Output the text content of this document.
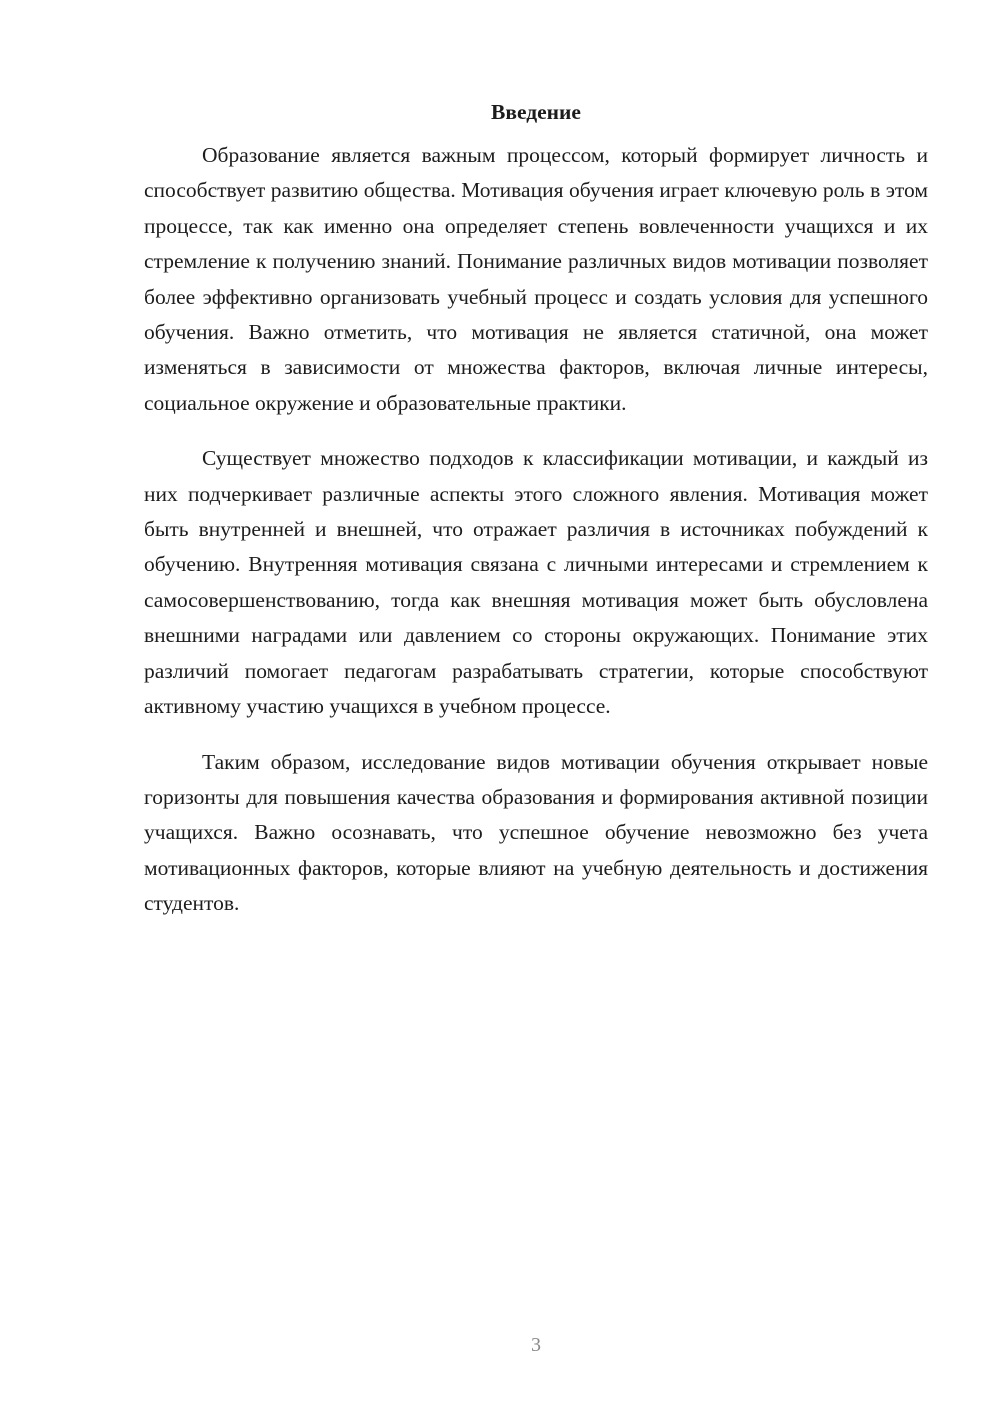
Введение

Образование является важным процессом, который формирует личность и способствует развитию общества. Мотивация обучения играет ключевую роль в этом процессе, так как именно она определяет степень вовлеченности учащихся и их стремление к получению знаний. Понимание различных видов мотивации позволяет более эффективно организовать учебный процесс и создать условия для успешного обучения. Важно отметить, что мотивация не является статичной, она может изменяться в зависимости от множества факторов, включая личные интересы, социальное окружение и образовательные практики.

Существует множество подходов к классификации мотивации, и каждый из них подчеркивает различные аспекты этого сложного явления. Мотивация может быть внутренней и внешней, что отражает различия в источниках побуждений к обучению. Внутренняя мотивация связана с личными интересами и стремлением к самосовершенствованию, тогда как внешняя мотивация может быть обусловлена внешними наградами или давлением со стороны окружающих. Понимание этих различий помогает педагогам разрабатывать стратегии, которые способствуют активному участию учащихся в учебном процессе.

Таким образом, исследование видов мотивации обучения открывает новые горизонты для повышения качества образования и формирования активной позиции учащихся. Важно осознавать, что успешное обучение невозможно без учета мотивационных факторов, которые влияют на учебную деятельность и достижения студентов.

3
